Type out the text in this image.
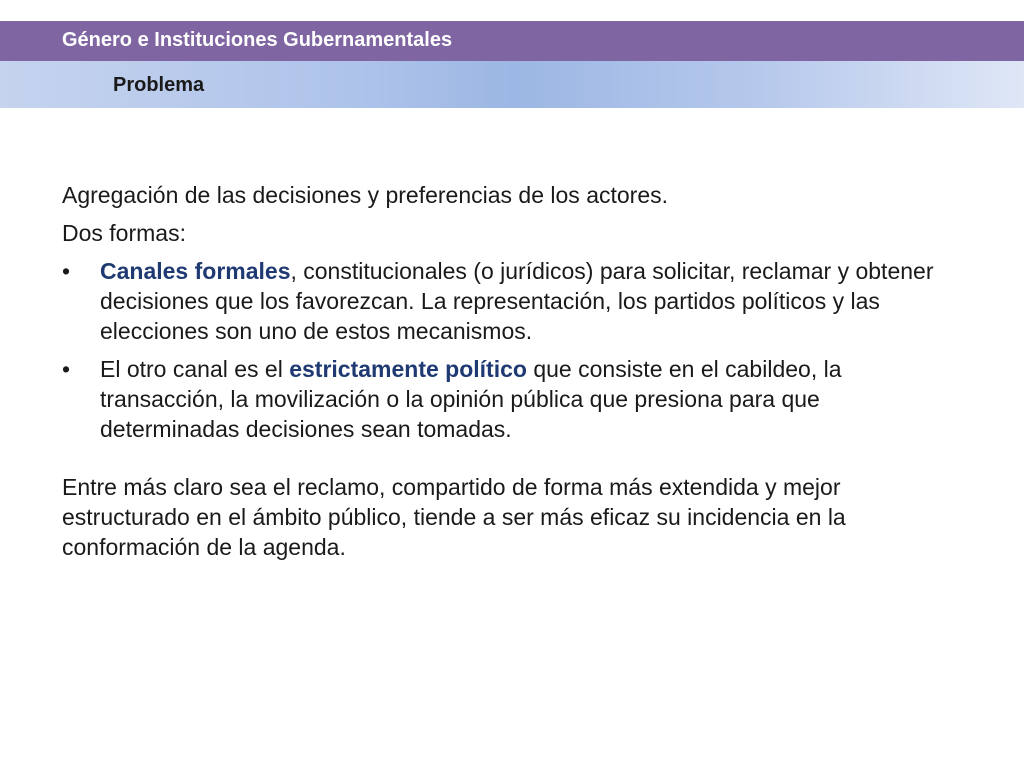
Género e Instituciones Gubernamentales
Problema

Agregación de las decisiones y preferencias de los actores.

Dos formas:

• Canales formales, constitucionales (o jurídicos) para solicitar, reclamar y obtener decisiones que los favorezcan. La representación, los partidos políticos y las elecciones son uno de estos mecanismos.
• El otro canal es el estrictamente político que consiste en el cabildeo, la transacción, la movilización o la opinión pública que presiona para que determinadas decisiones sean tomadas.

Entre más claro sea el reclamo, compartido de forma más extendida y mejor estructurado en el ámbito público, tiende a ser más eficaz su incidencia en la conformación de la agenda.
